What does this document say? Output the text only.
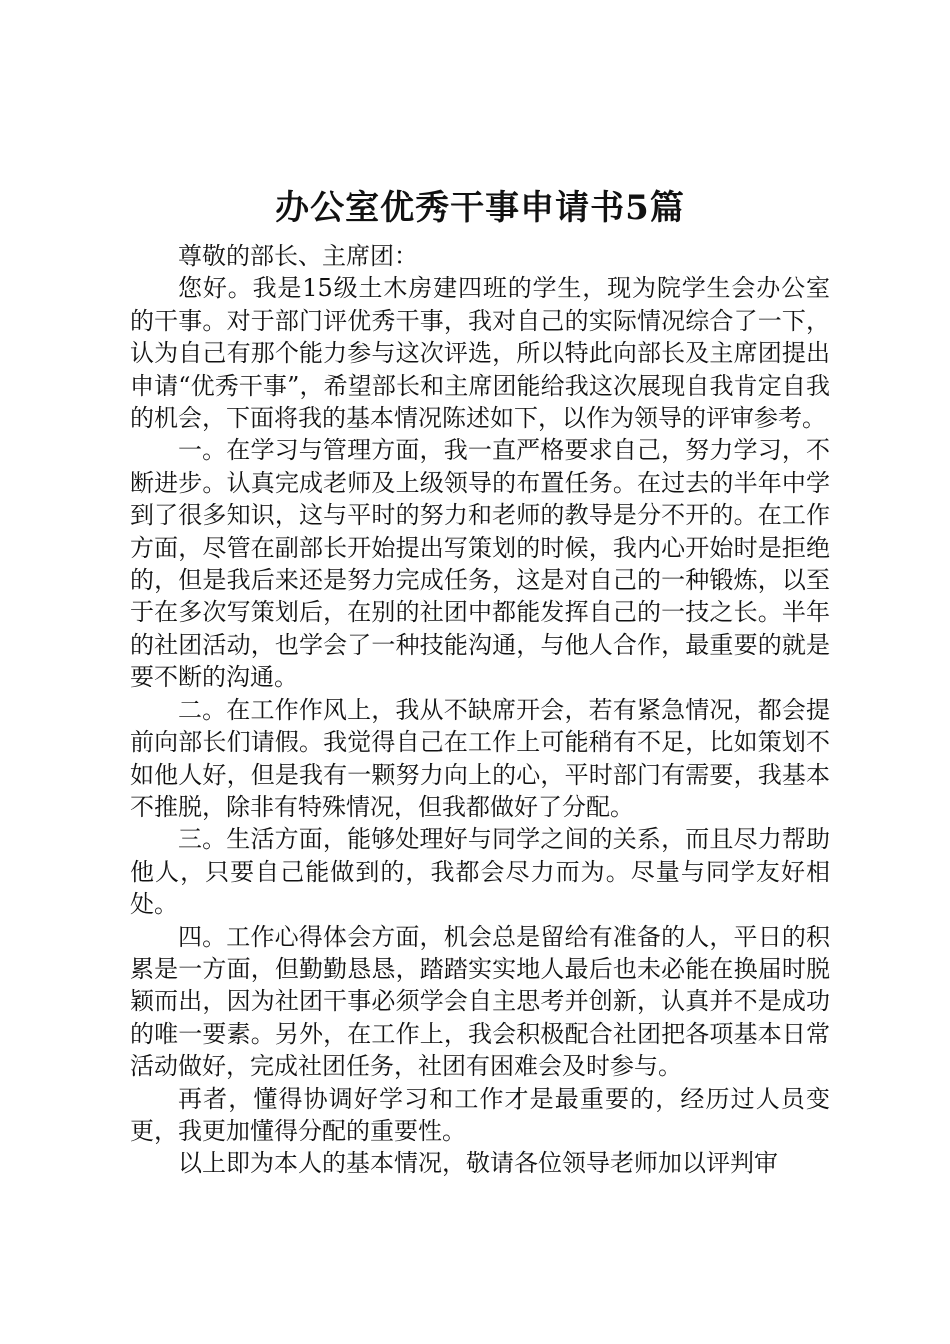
办公室优秀干事申请书5篇

尊敬的部长、主席团：

您好。我是15级土木房建四班的学生，现为院学生会办公室的干事。对于部门评优秀干事，我对自己的实际情况综合了一下，认为自己有那个能力参与这次评选，所以特此向部长及主席团提出申请“优秀干事”，希望部长和主席团能给我这次展现自我肯定自我的机会，下面将我的基本情况陈述如下，以作为领导的评审参考。

一。在学习与管理方面，我一直严格要求自己，努力学习，不断进步。认真完成老师及上级领导的布置任务。在过去的半年中学到了很多知识，这与平时的努力和老师的教导是分不开的。在工作方面，尽管在副部长开始提出写策划的时候，我内心开始时是拒绝的，但是我后来还是努力完成任务，这是对自己的一种锻炼，以至于在多次写策划后，在别的社团中都能发挥自己的一技之长。半年的社团活动，也学会了一种技能沟通，与他人合作，最重要的就是要不断的沟通。

二。在工作作风上，我从不缺席开会，若有紧急情况，都会提前向部长们请假。我觉得自己在工作上可能稍有不足，比如策划不如他人好，但是我有一颗努力向上的心，平时部门有需要，我基本不推脱，除非有特殊情况，但我都做好了分配。

三。生活方面，能够处理好与同学之间的关系，而且尽力帮助他人，只要自己能做到的，我都会尽力而为。尽量与同学友好相处。

四。工作心得体会方面，机会总是留给有准备的人，平日的积累是一方面，但勤勤恳恳，踏踏实实地人最后也未必能在换届时脱颖而出，因为社团干事必须学会自主思考并创新，认真并不是成功的唯一要素。另外，在工作上，我会积极配合社团把各项基本日常活动做好，完成社团任务，社团有困难会及时参与。

再者，懂得协调好学习和工作才是最重要的，经历过人员变更，我更加懂得分配的重要性。

以上即为本人的基本情况，敬请各位领导老师加以评判审
